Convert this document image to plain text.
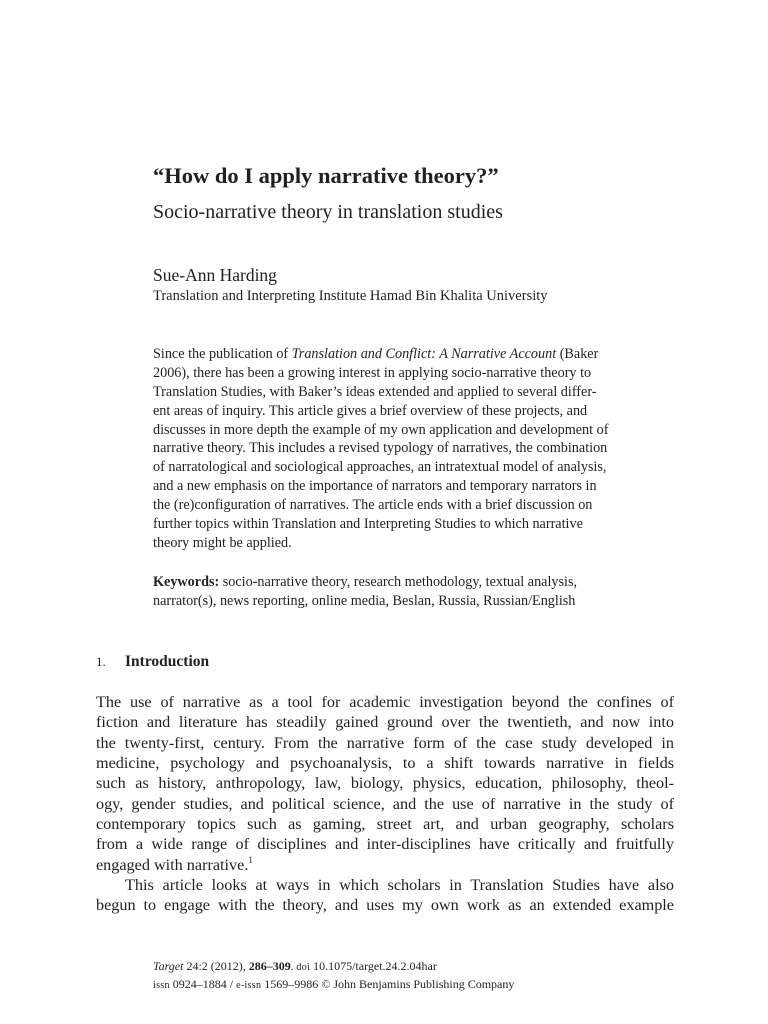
“How do I apply narrative theory?”
Socio-narrative theory in translation studies
Sue-Ann Harding
Translation and Interpreting Institute Hamad Bin Khalita University
Since the publication of Translation and Conflict: A Narrative Account (Baker
2006), there has been a growing interest in applying socio-narrative theory to
Translation Studies, with Baker’s ideas extended and applied to several differ-
ent areas of inquiry. This article gives a brief overview of these projects, and
discusses in more depth the example of my own application and development of
narrative theory. This includes a revised typology of narratives, the combination
of narratological and sociological approaches, an intratextual model of analysis,
and a new emphasis on the importance of narrators and temporary narrators in
the (re)configuration of narratives. The article ends with a brief discussion on
further topics within Translation and Interpreting Studies to which narrative
theory might be applied.
Keywords: socio-narrative theory, research methodology, textual analysis,
narrator(s), news reporting, online media, Beslan, Russia, Russian/English
1. Introduction
The use of narrative as a tool for academic investigation beyond the confines of
fiction and literature has steadily gained ground over the twentieth, and now into
the twenty-first, century. From the narrative form of the case study developed in
medicine, psychology and psychoanalysis, to a shift towards narrative in fields
such as history, anthropology, law, biology, physics, education, philosophy, theol-
ogy, gender studies, and political science, and the use of narrative in the study of
contemporary topics such as gaming, street art, and urban geography, scholars
from a wide range of disciplines and inter-disciplines have critically and fruitfully
engaged with narrative.$^1$
This article looks at ways in which scholars in Translation Studies have also
begun to engage with the theory, and uses my own work as an extended example
Target 24:2 (2012), 286–309. doi 10.1075/target.24.2.04har
issn 0924–1884 / e-issn 1569–9986 © John Benjamins Publishing Company
